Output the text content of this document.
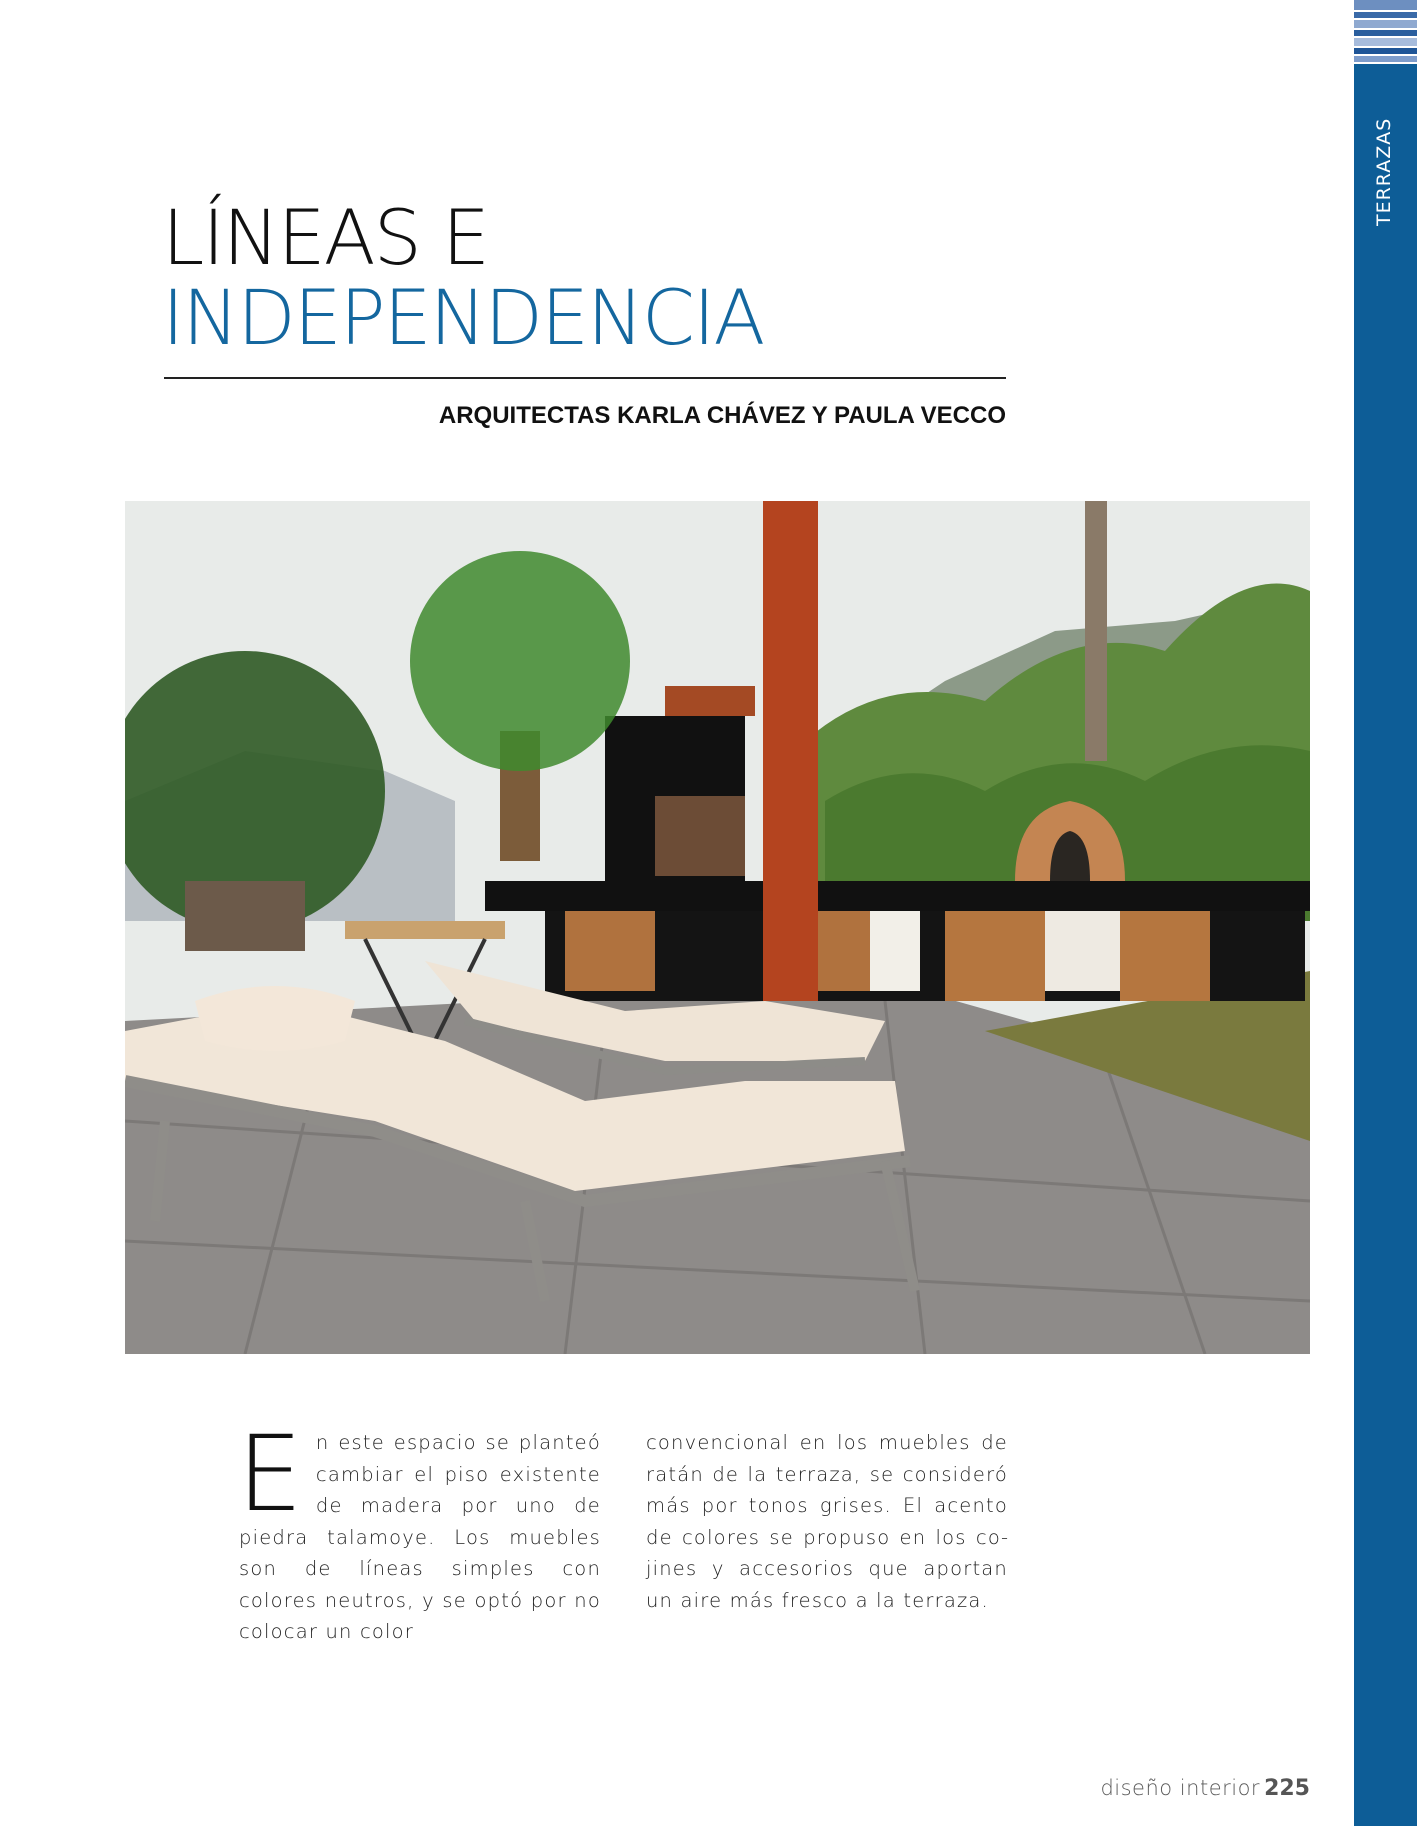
TERRAZAS
LÍNEAS E
INDEPENDENCIA
ARQUITECTAS KARLA CHÁVEZ Y PAULA VECCO
En este espacio se planteó cambiar el piso existente de madera por uno de piedra talamoye. Los muebles son de líneas simples con colores neutros, y se optó por no colocar un color
convencional en los muebles de ratán de la terraza, se consideró más por tonos grises. El acento de colores se propuso en los cojines y accesorios que aportan un aire más fresco a la terraza.
diseño interior 225
